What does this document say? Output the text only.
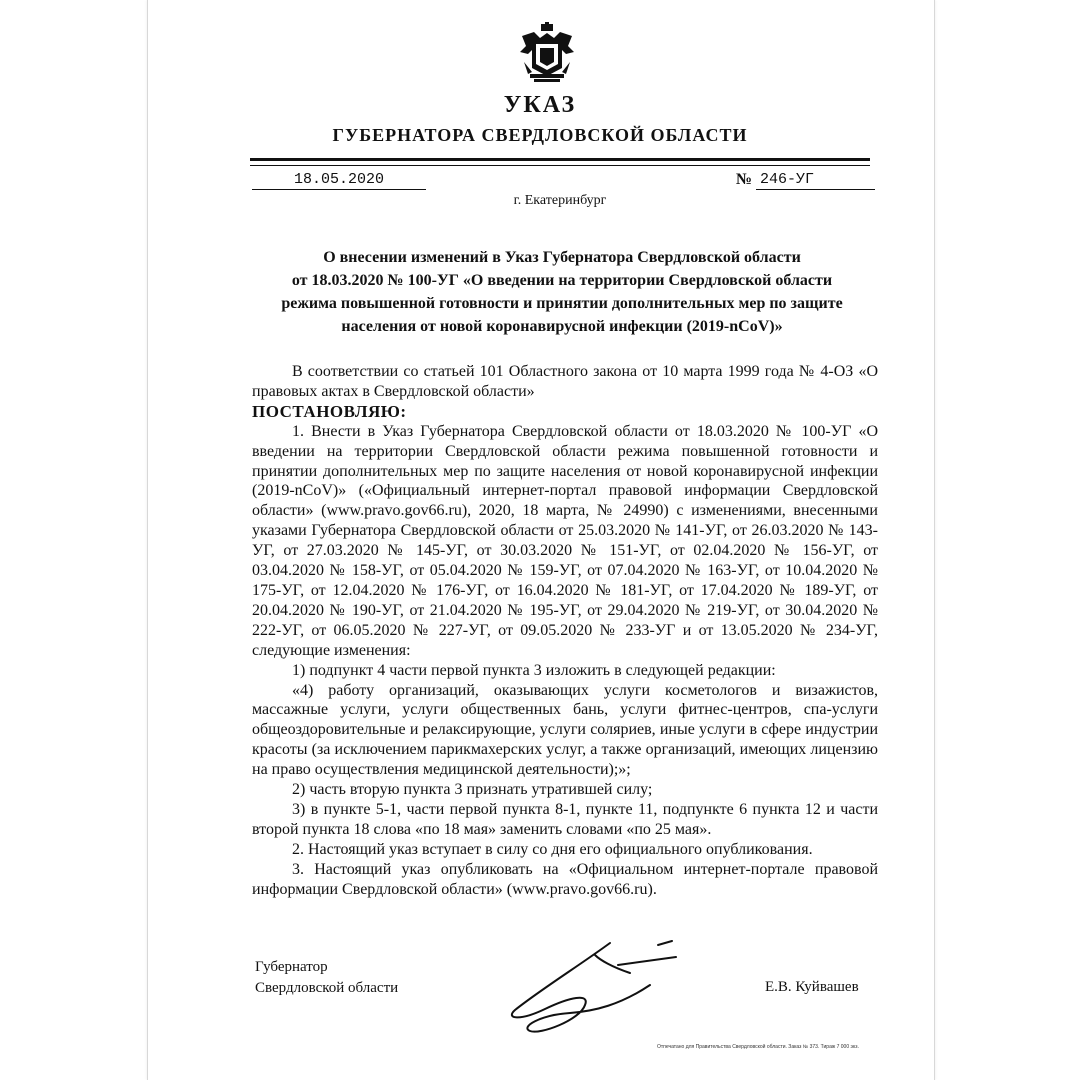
УКАЗ
ГУБЕРНАТОРА СВЕРДЛОВСКОЙ ОБЛАСТИ
18.05.2020	№ 246-УГ
г. Екатеринбург
О внесении изменений в Указ Губернатора Свердловской области
от 18.03.2020 № 100-УГ «О введении на территории Свердловской области
режима повышенной готовности и принятии дополнительных мер по защите
населения от новой коронавирусной инфекции (2019-nCoV)»

В соответствии со статьей 101 Областного закона от 10 марта 1999 года № 4-ОЗ «О правовых актах в Свердловской области»

ПОСТАНОВЛЯЮ:

1. Внести в Указ Губернатора Свердловской области от 18.03.2020 № 100-УГ «О введении на территории Свердловской области режима повышенной готовности и принятии дополнительных мер по защите населения от новой коронавирусной инфекции (2019-nCoV)» («Официальный интернет-портал правовой информации Свердловской области» (www.pravo.gov66.ru), 2020, 18 марта, № 24990) с изменениями, внесенными указами Губернатора Свердловской области от 25.03.2020 № 141-УГ, от 26.03.2020 № 143-УГ, от 27.03.2020 № 145-УГ, от 30.03.2020 № 151-УГ, от 02.04.2020 № 156-УГ, от 03.04.2020 № 158-УГ, от 05.04.2020 № 159-УГ, от 07.04.2020 № 163-УГ, от 10.04.2020 № 175-УГ, от 12.04.2020 № 176-УГ, от 16.04.2020 № 181-УГ, от 17.04.2020 № 189-УГ, от 20.04.2020 № 190-УГ, от 21.04.2020 № 195-УГ, от 29.04.2020 № 219-УГ, от 30.04.2020 № 222-УГ, от 06.05.2020 № 227-УГ, от 09.05.2020 № 233-УГ и от 13.05.2020 № 234-УГ, следующие изменения:

1) подпункт 4 части первой пункта 3 изложить в следующей редакции:

«4) работу организаций, оказывающих услуги косметологов и визажистов, массажные услуги, услуги общественных бань, услуги фитнес-центров, спа-услуги общеоздоровительные и релаксирующие, услуги соляриев, иные услуги в сфере индустрии красоты (за исключением парикмахерских услуг, а также организаций, имеющих лицензию на право осуществления медицинской деятельности);»;

2) часть вторую пункта 3 признать утратившей силу;

3) в пункте 5-1, части первой пункта 8-1, пункте 11, подпункте 6 пункта 12 и части второй пункта 18 слова «по 18 мая» заменить словами «по 25 мая».

2. Настоящий указ вступает в силу со дня его официального опубликования.

3. Настоящий указ опубликовать на «Официальном интернет-портале правовой информации Свердловской области» (www.pravo.gov66.ru).

Губернатор
Свердловской области	Е.В. Куйвашев
Отпечатано для Правительства Свердловской области. Заказ № 373. Тираж 7 000 экз.
